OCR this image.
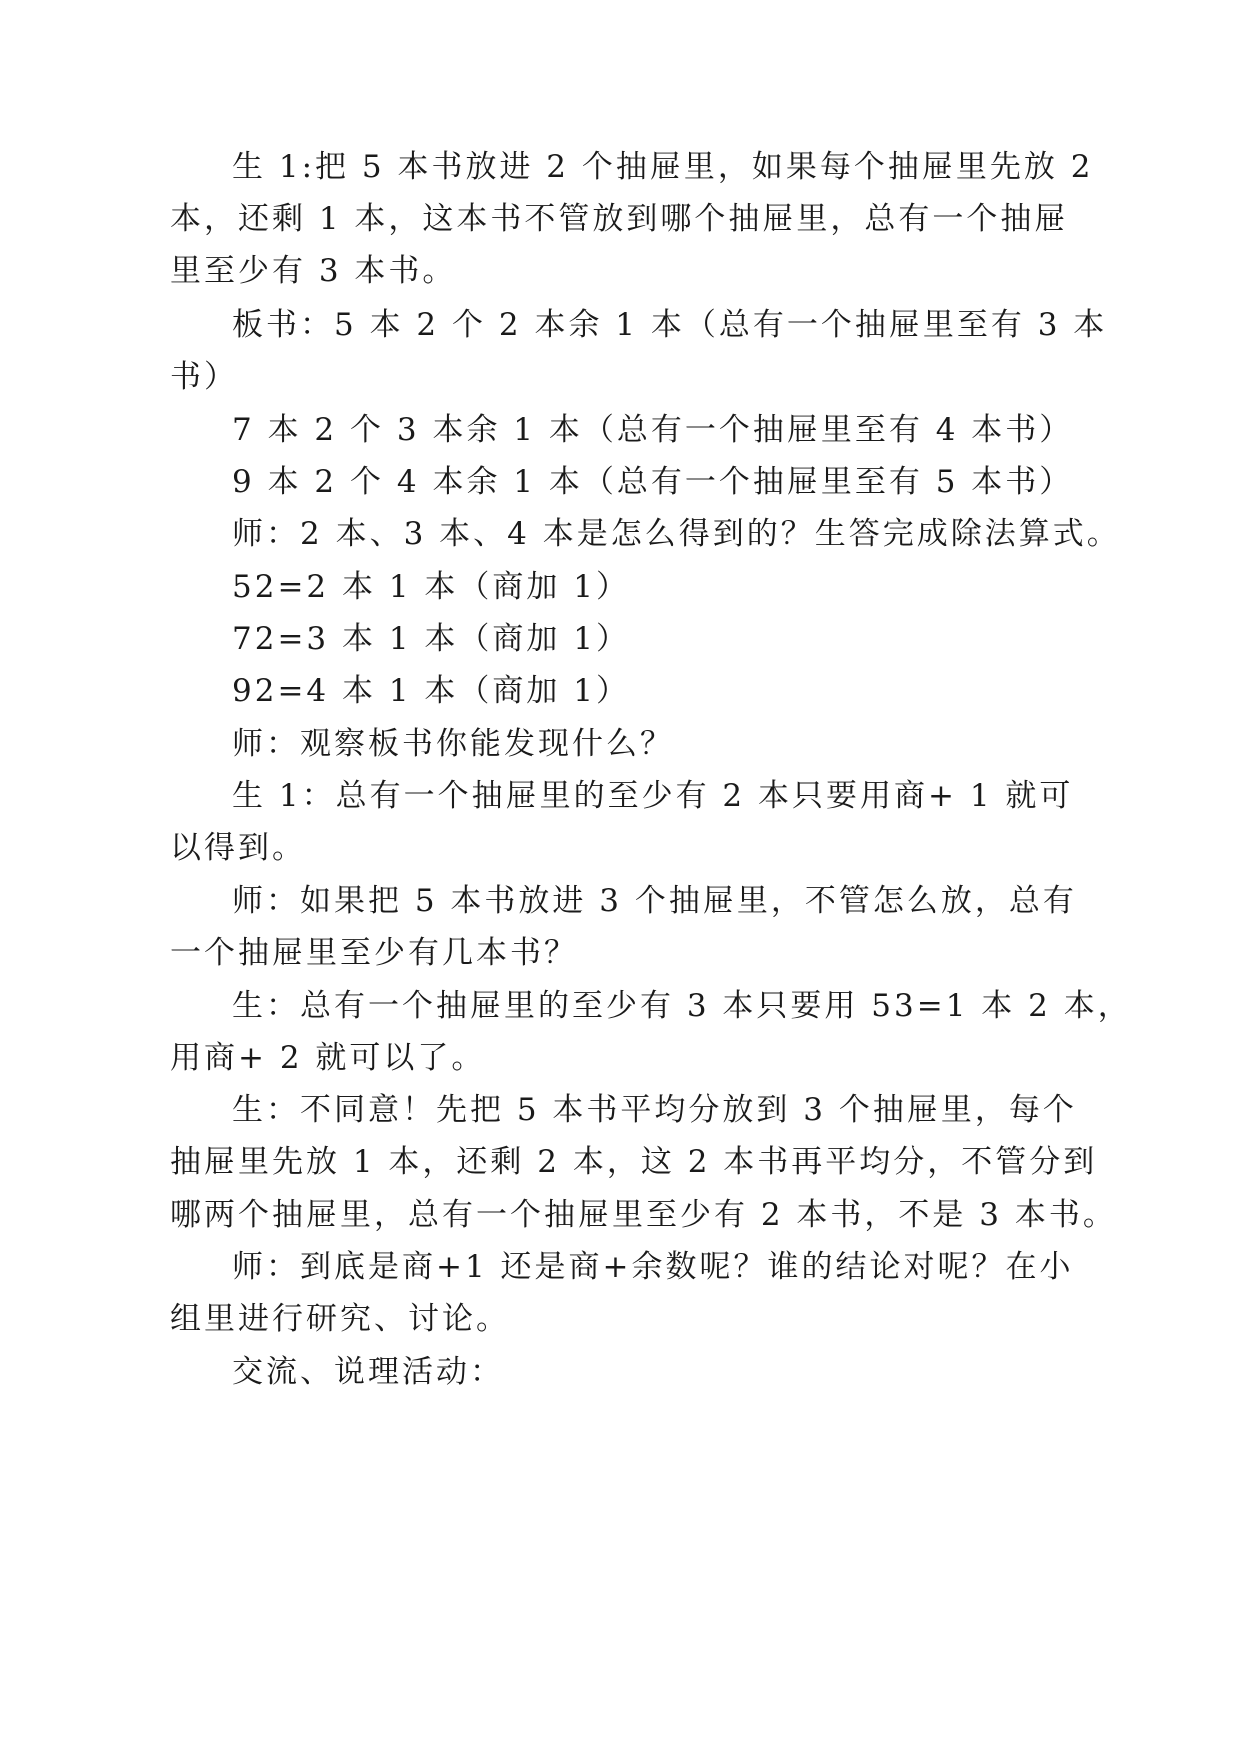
生 1:把 5 本书放进 2 个抽屉里，如果每个抽屉里先放 2
本，还剩 1 本，这本书不管放到哪个抽屉里，总有一个抽屉
里至少有 3 本书。
板书：5 本 2 个 2 本余 1 本（总有一个抽屉里至有 3 本
书）
7 本 2 个 3 本余 1 本（总有一个抽屉里至有 4 本书）
9 本 2 个 4 本余 1 本（总有一个抽屉里至有 5 本书）
师：2 本、3 本、4 本是怎么得到的？生答完成除法算式。
52=2 本 1 本（商加 1）
72=3 本 1 本（商加 1）
92=4 本 1 本（商加 1）
师：观察板书你能发现什么？
生 1：总有一个抽屉里的至少有 2 本只要用商+ 1 就可
以得到。
师：如果把 5 本书放进 3 个抽屉里，不管怎么放，总有
一个抽屉里至少有几本书？
生：总有一个抽屉里的至少有 3 本只要用 53=1 本 2 本，
用商+ 2 就可以了。
生：不同意！先把 5 本书平均分放到 3 个抽屉里，每个
抽屉里先放 1 本，还剩 2 本，这 2 本书再平均分，不管分到
哪两个抽屉里，总有一个抽屉里至少有 2 本书，不是 3 本书。
师：到底是商+1 还是商+余数呢？谁的结论对呢？在小
组里进行研究、讨论。
交流、说理活动：
